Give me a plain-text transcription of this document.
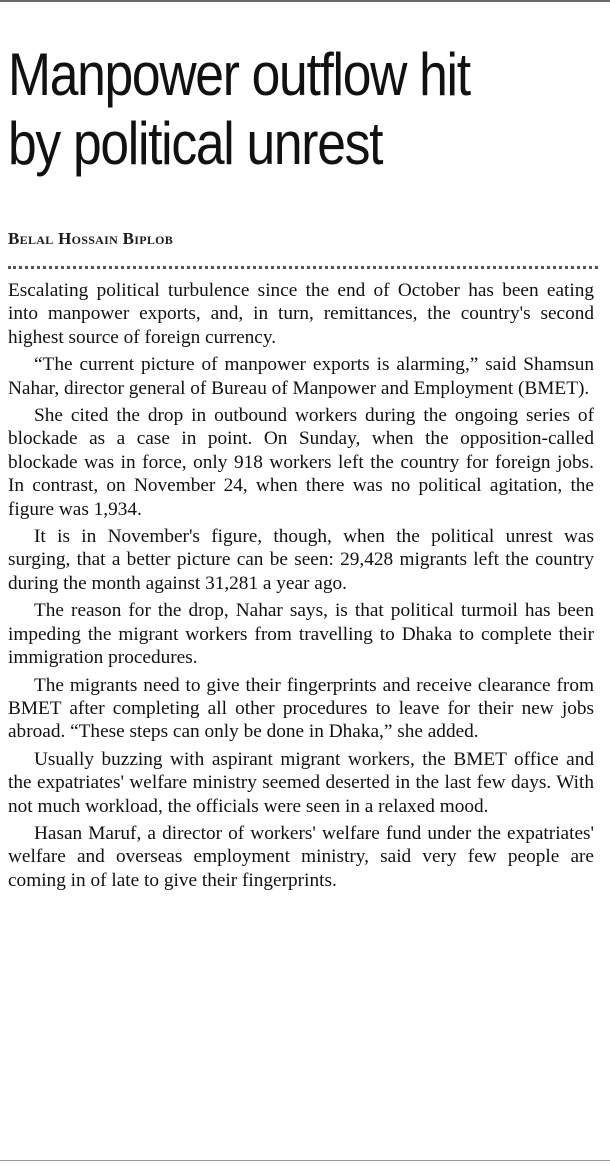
Manpower outflow hit
by political unrest
Belal Hossain Biplob

Escalating political turbulence since the end of October has been eating into manpower exports, and, in turn, remittances, the country's second highest source of foreign currency.

“The current picture of manpower exports is alarming,” said Shamsun Nahar, director general of Bureau of Manpower and Employment (BMET).

She cited the drop in outbound workers during the ongoing series of blockade as a case in point. On Sunday, when the opposition-called blockade was in force, only 918 workers left the country for foreign jobs. In contrast, on November 24, when there was no political agitation, the figure was 1,934.

It is in November's figure, though, when the political unrest was surging, that a better picture can be seen: 29,428 migrants left the country during the month against 31,281 a year ago.

The reason for the drop, Nahar says, is that political turmoil has been impeding the migrant workers from travelling to Dhaka to complete their immigration procedures.

The migrants need to give their fingerprints and receive clearance from BMET after completing all other procedures to leave for their new jobs abroad. “These steps can only be done in Dhaka,” she added.

Usually buzzing with aspirant migrant workers, the BMET office and the expatriates' welfare ministry seemed deserted in the last few days. With not much workload, the officials were seen in a relaxed mood.

Hasan Maruf, a director of workers' welfare fund under the expatriates' welfare and overseas employment ministry, said very few people are coming in of late to give their fingerprints.
